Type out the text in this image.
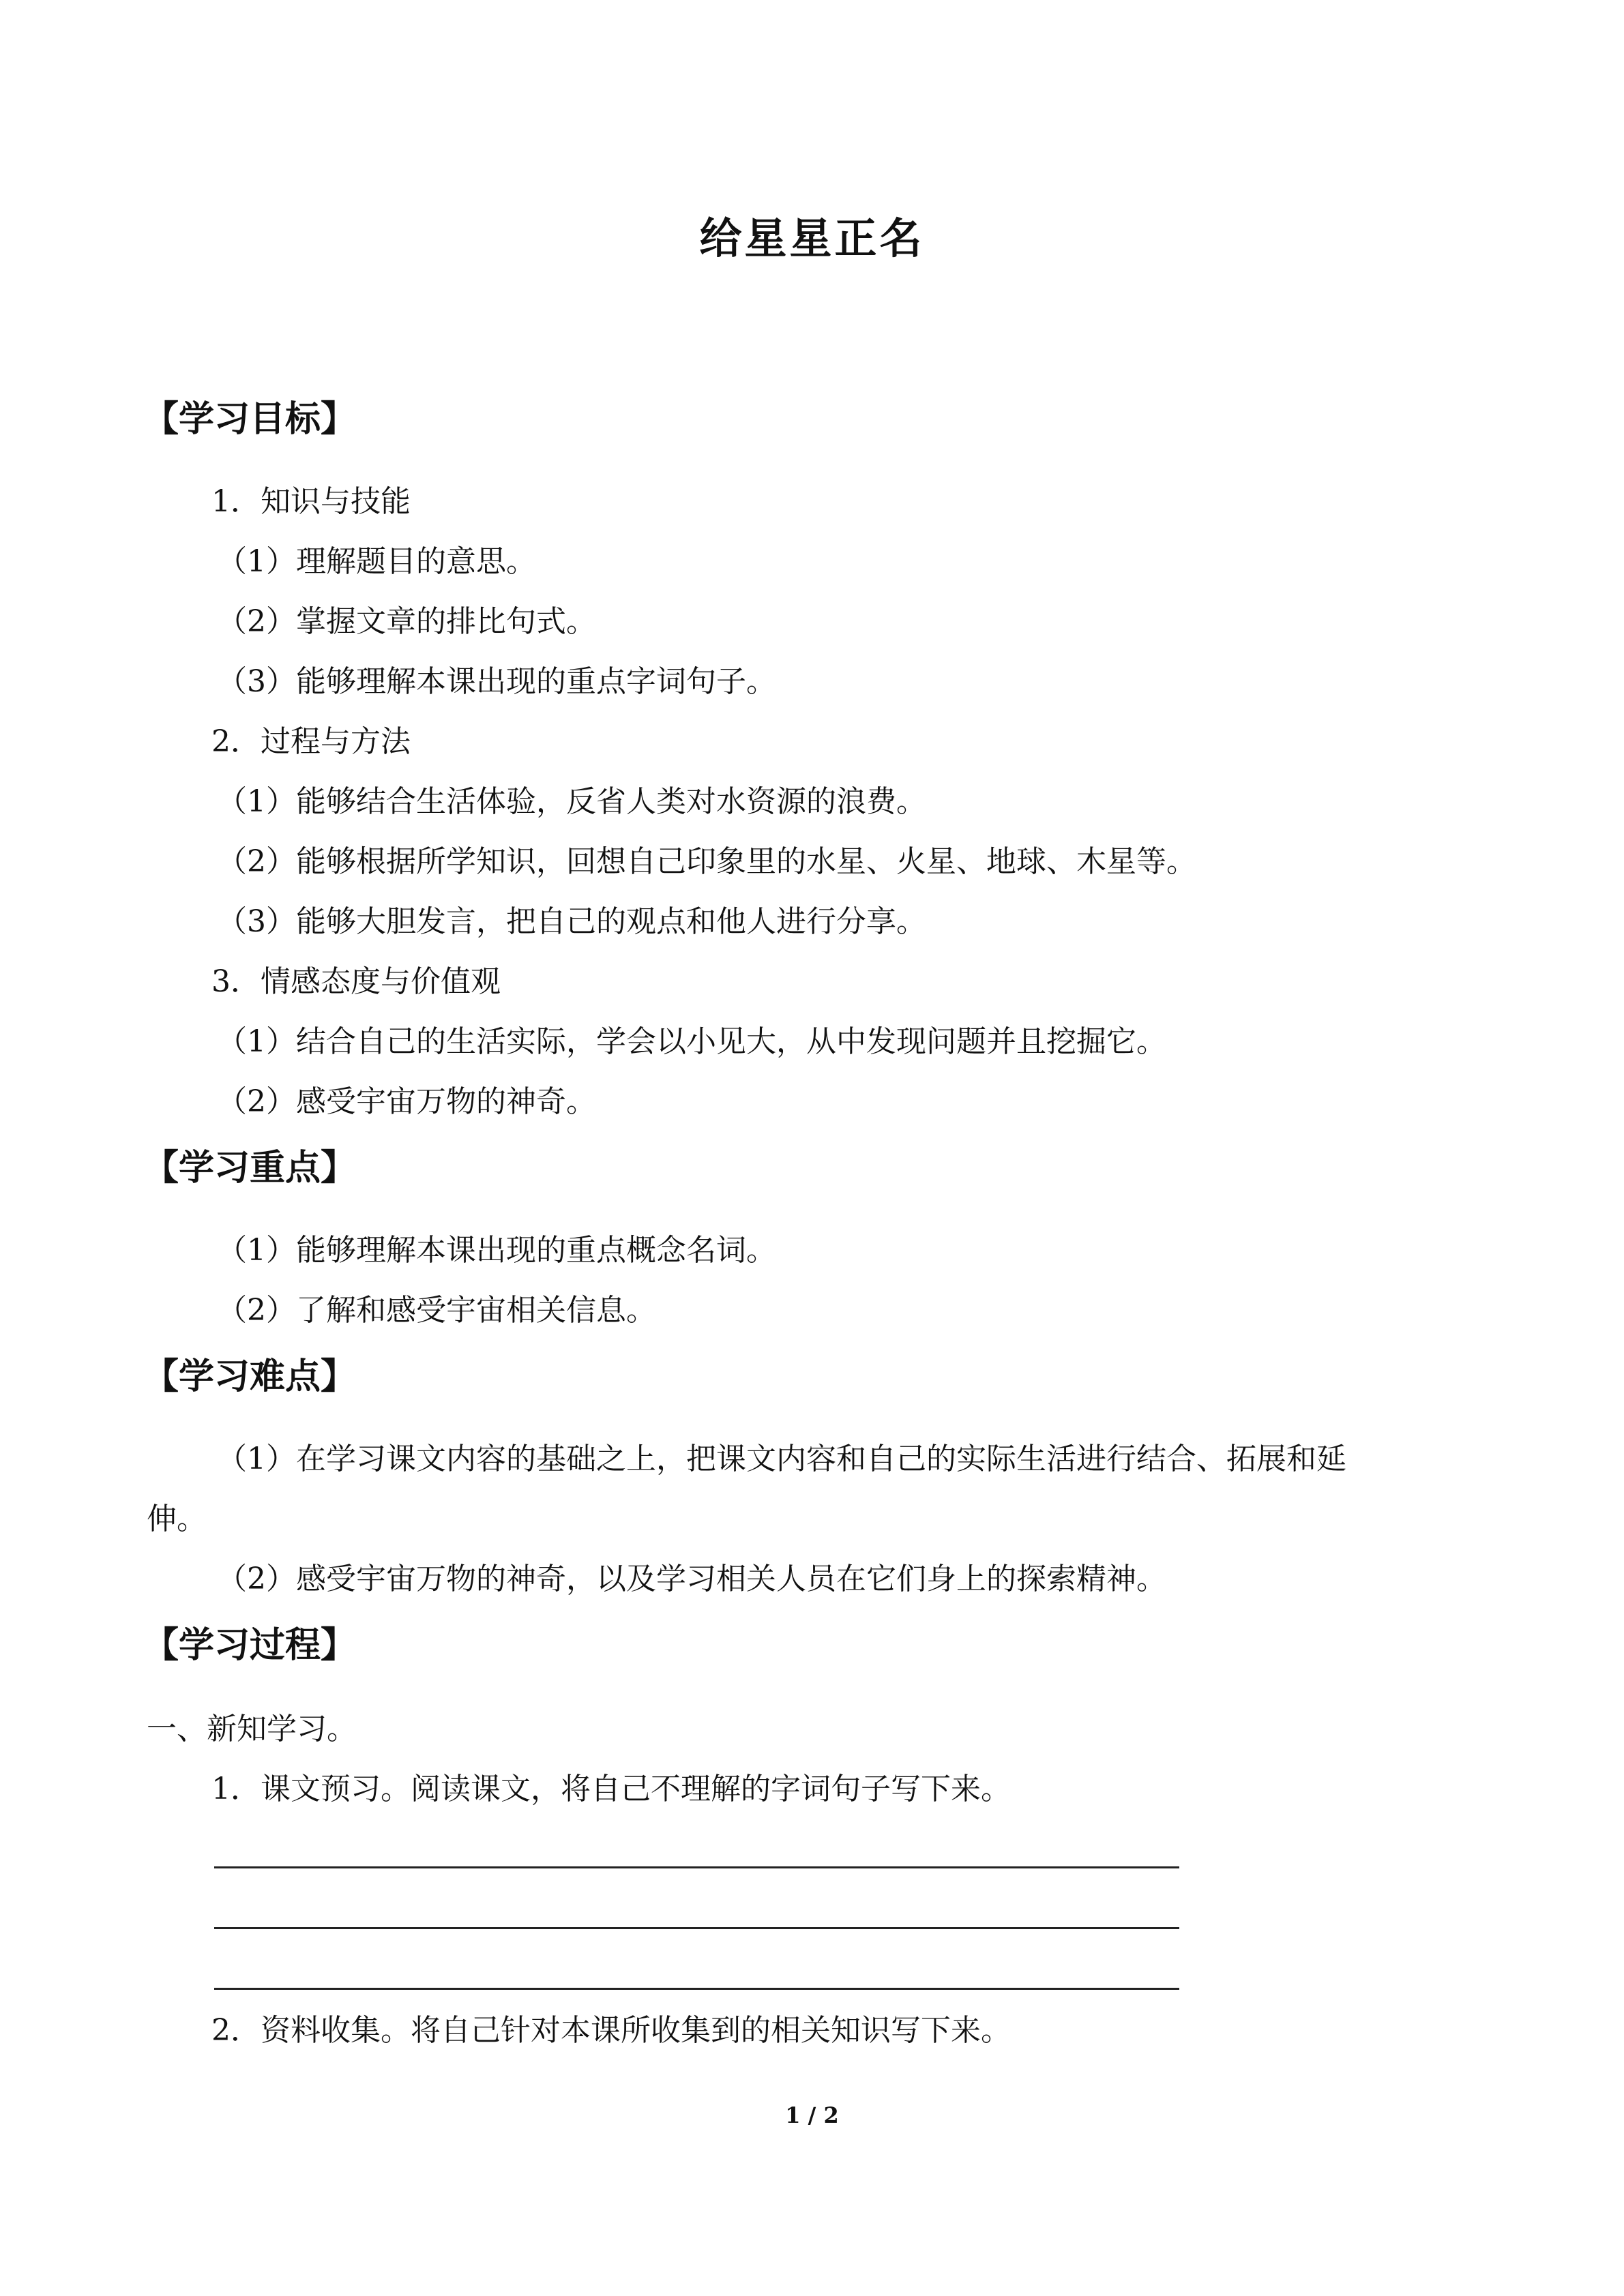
给星星正名
【学习目标】
1．知识与技能
（1）理解题目的意思。
（2）掌握文章的排比句式。
（3）能够理解本课出现的重点字词句子。
2．过程与方法
（1）能够结合生活体验，反省人类对水资源的浪费。
（2）能够根据所学知识，回想自己印象里的水星、火星、地球、木星等。
（3）能够大胆发言，把自己的观点和他人进行分享。
3．情感态度与价值观
（1）结合自己的生活实际，学会以小见大，从中发现问题并且挖掘它。
（2）感受宇宙万物的神奇。
【学习重点】
（1）能够理解本课出现的重点概念名词。
（2）了解和感受宇宙相关信息。
【学习难点】
（1）在学习课文内容的基础之上，把课文内容和自己的实际生活进行结合、拓展和延
伸。
（2）感受宇宙万物的神奇，以及学习相关人员在它们身上的探索精神。
【学习过程】
一、新知学习。
1．课文预习。阅读课文，将自己不理解的字词句子写下来。
2．资料收集。将自己针对本课所收集到的相关知识写下来。
1 / 2
